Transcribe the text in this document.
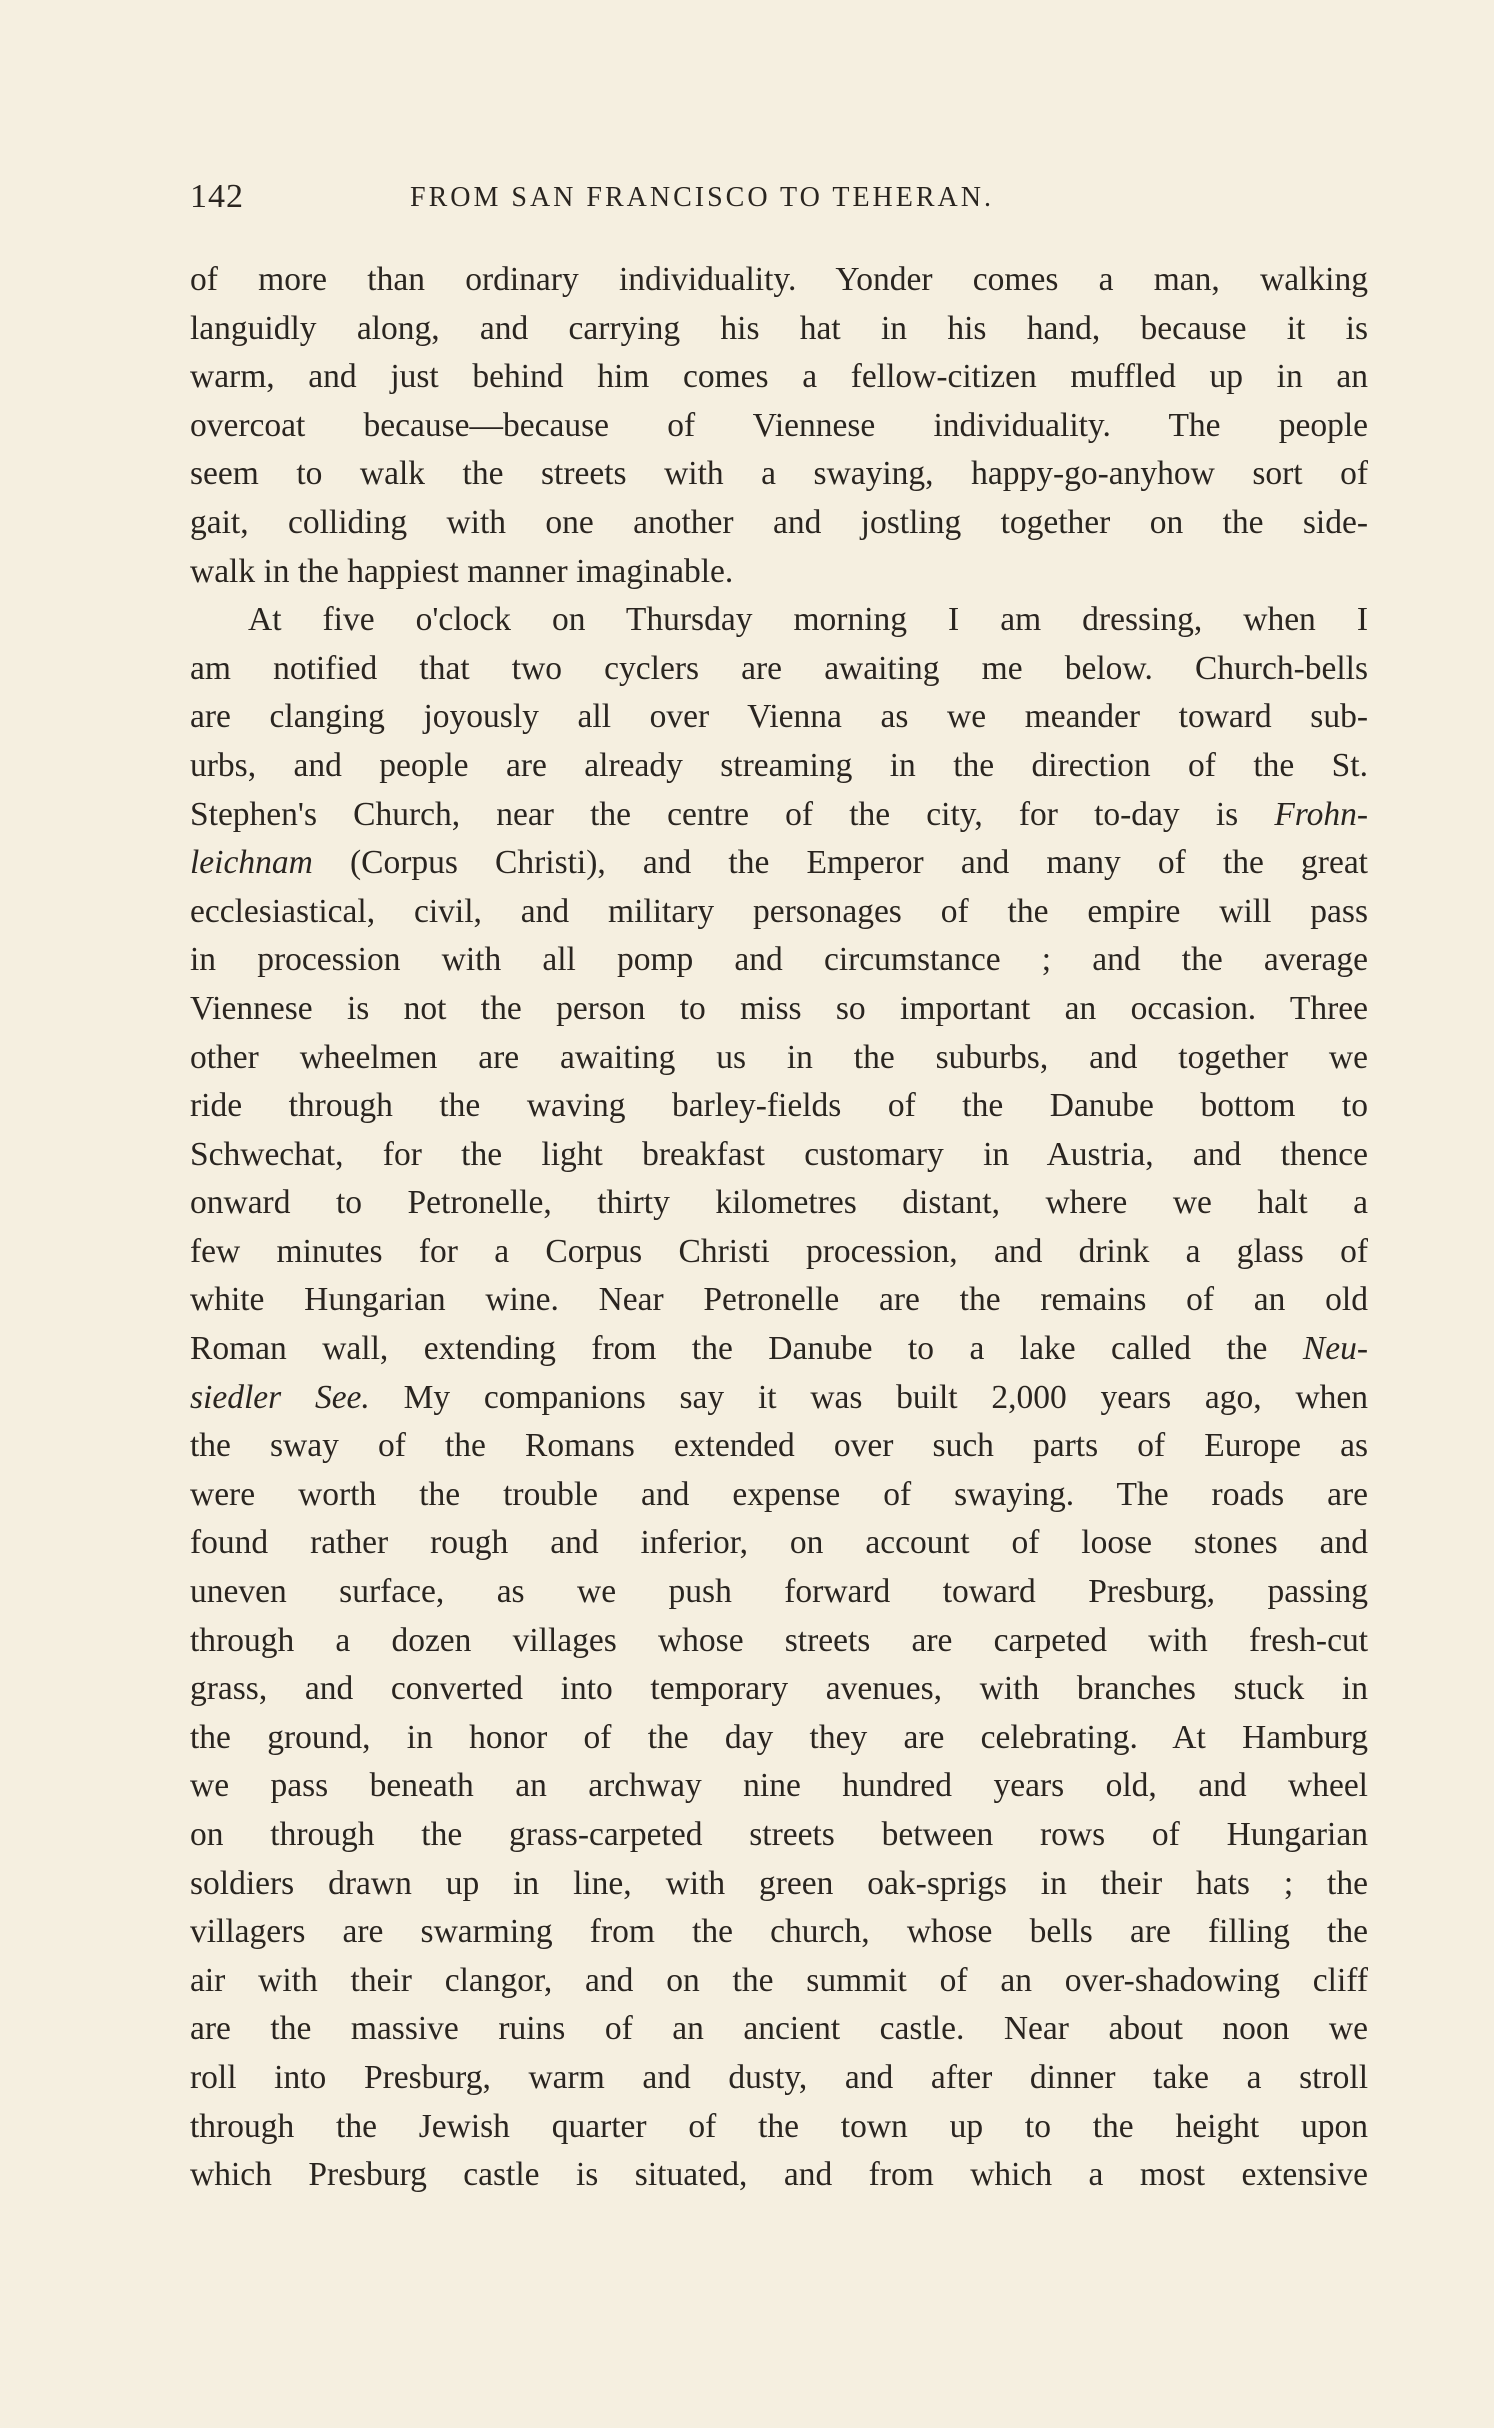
142	FROM SAN FRANCISCO TO TEHERAN.
of more than ordinary individuality. Yonder comes a man, walking
languidly along, and carrying his hat in his hand, because it is
warm, and just behind him comes a fellow-citizen muffled up in an
overcoat because—because of Viennese individuality. The people
seem to walk the streets with a swaying, happy-go-anyhow sort of
gait, colliding with one another and jostling together on the side-
walk in the happiest manner imaginable.
At five o'clock on Thursday morning I am dressing, when I
am notified that two cyclers are awaiting me below. Church-bells
are clanging joyously all over Vienna as we meander toward sub-
urbs, and people are already streaming in the direction of the St.
Stephen's Church, near the centre of the city, for to-day is Frohn-
leichnam (Corpus Christi), and the Emperor and many of the great
ecclesiastical, civil, and military personages of the empire will pass
in procession with all pomp and circumstance ; and the average
Viennese is not the person to miss so important an occasion. Three
other wheelmen are awaiting us in the suburbs, and together we
ride through the waving barley-fields of the Danube bottom to
Schwechat, for the light breakfast customary in Austria, and thence
onward to Petronelle, thirty kilometres distant, where we halt a
few minutes for a Corpus Christi procession, and drink a glass of
white Hungarian wine. Near Petronelle are the remains of an old
Roman wall, extending from the Danube to a lake called the Neu-
siedler See. My companions say it was built 2,000 years ago, when
the sway of the Romans extended over such parts of Europe as
were worth the trouble and expense of swaying. The roads are
found rather rough and inferior, on account of loose stones and
uneven surface, as we push forward toward Presburg, passing
through a dozen villages whose streets are carpeted with fresh-cut
grass, and converted into temporary avenues, with branches stuck in
the ground, in honor of the day they are celebrating. At Hamburg
we pass beneath an archway nine hundred years old, and wheel
on through the grass-carpeted streets between rows of Hungarian
soldiers drawn up in line, with green oak-sprigs in their hats ; the
villagers are swarming from the church, whose bells are filling the
air with their clangor, and on the summit of an over-shadowing cliff
are the massive ruins of an ancient castle. Near about noon we
roll into Presburg, warm and dusty, and after dinner take a stroll
through the Jewish quarter of the town up to the height upon
which Presburg castle is situated, and from which a most extensive
